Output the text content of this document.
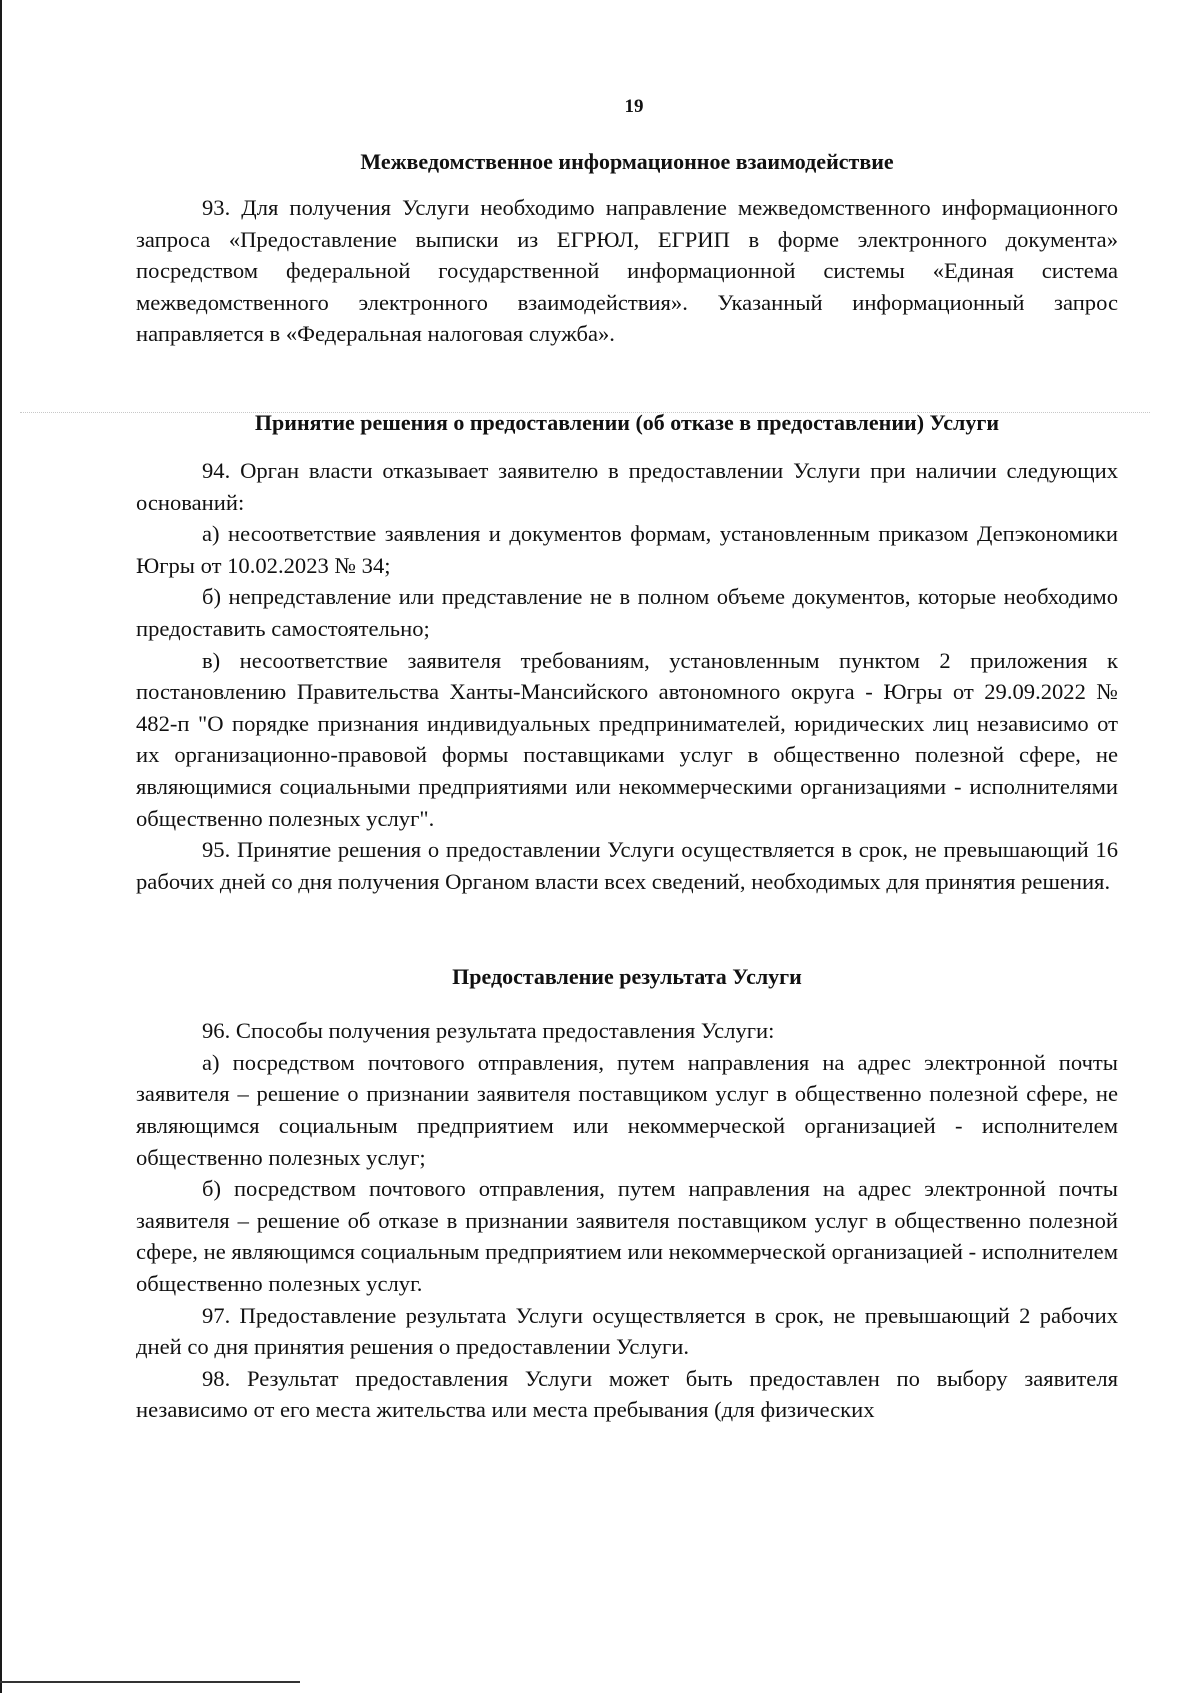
19
Межведомственное информационное взаимодействие

93. Для получения Услуги необходимо направление межведомственного информационного запроса «Предоставление выписки из ЕГРЮЛ, ЕГРИП в форме электронного документа» посредством федеральной государственной информационной системы «Единая система межведомственного электронного взаимодействия». Указанный информационный запрос направляется в «Федеральная налоговая служба».

Принятие решения о предоставлении (об отказе в предоставлении) Услуги

94. Орган власти отказывает заявителю в предоставлении Услуги при наличии следующих оснований:

а) несоответствие заявления и документов формам, установленным приказом Депэкономики Югры от 10.02.2023 № 34;

б) непредставление или представление не в полном объеме документов, которые необходимо предоставить самостоятельно;

в) несоответствие заявителя требованиям, установленным пунктом 2 приложения к постановлению Правительства Ханты-Мансийского автономного округа - Югры от 29.09.2022 № 482-п "О порядке признания индивидуальных предпринимателей, юридических лиц независимо от их организационно-правовой формы поставщиками услуг в общественно полезной сфере, не являющимися социальными предприятиями или некоммерческими организациями - исполнителями общественно полезных услуг".

95. Принятие решения о предоставлении Услуги осуществляется в срок, не превышающий 16 рабочих дней со дня получения Органом власти всех сведений, необходимых для принятия решения.

Предоставление результата Услуги

96. Способы получения результата предоставления Услуги:

а) посредством почтового отправления, путем направления на адрес электронной почты заявителя – решение о признании заявителя поставщиком услуг в общественно полезной сфере, не являющимся социальным предприятием или некоммерческой организацией - исполнителем общественно полезных услуг;

б) посредством почтового отправления, путем направления на адрес электронной почты заявителя – решение об отказе в признании заявителя поставщиком услуг в общественно полезной сфере, не являющимся социальным предприятием или некоммерческой организацией - исполнителем общественно полезных услуг.

97. Предоставление результата Услуги осуществляется в срок, не превышающий 2 рабочих дней со дня принятия решения о предоставлении Услуги.

98. Результат предоставления Услуги может быть предоставлен по выбору заявителя независимо от его места жительства или места пребывания (для физических
